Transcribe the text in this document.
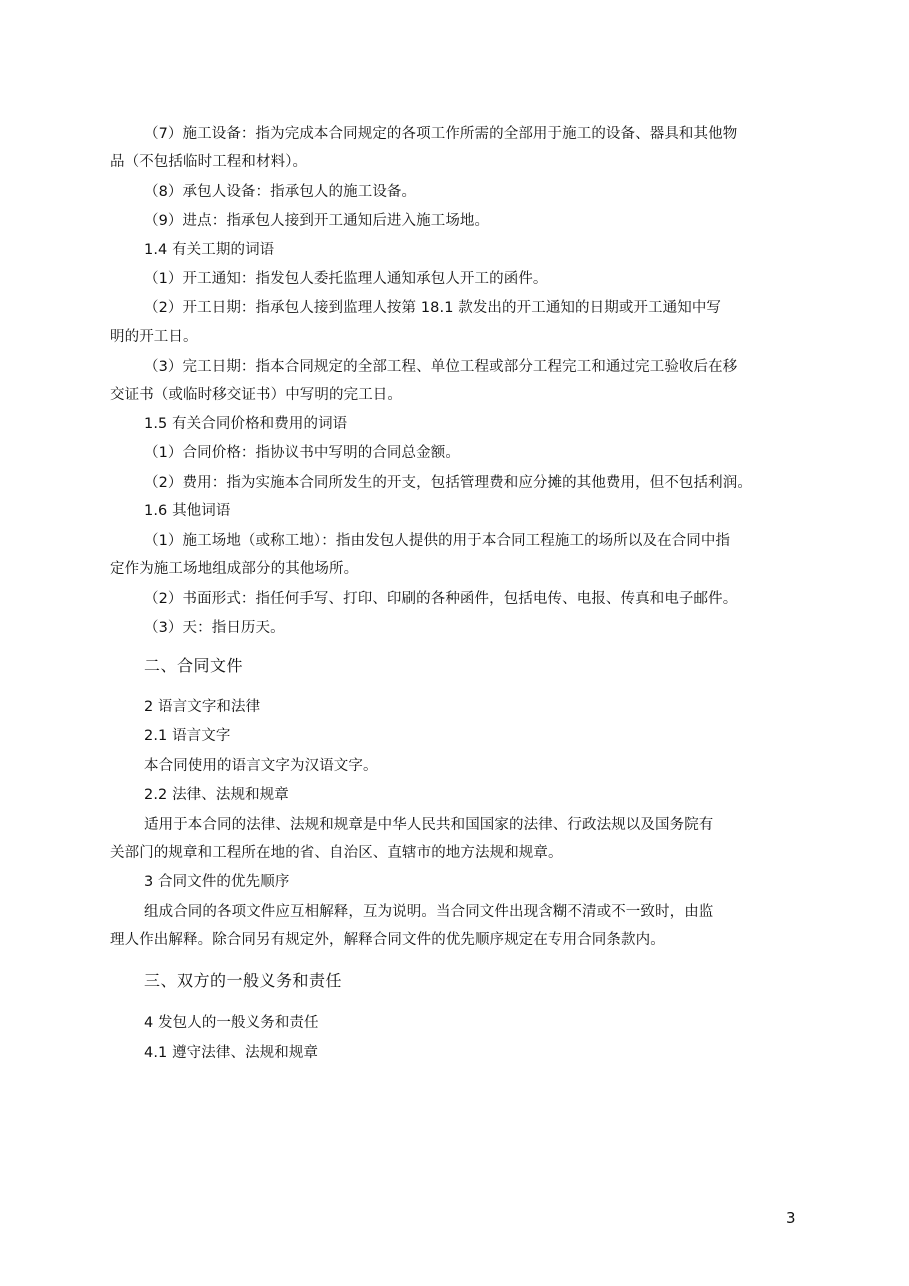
（7）施工设备：指为完成本合同规定的各项工作所需的全部用于施工的设备、器具和其他物
品（不包括临时工程和材料）。
（8）承包人设备：指承包人的施工设备。
（9）进点：指承包人接到开工通知后进入施工场地。
1.4 有关工期的词语
（1）开工通知：指发包人委托监理人通知承包人开工的函件。
（2）开工日期：指承包人接到监理人按第 18.1 款发出的开工通知的日期或开工通知中写
明的开工日。
（3）完工日期：指本合同规定的全部工程、单位工程或部分工程完工和通过完工验收后在移
交证书（或临时移交证书）中写明的完工日。
1.5 有关合同价格和费用的词语
（1）合同价格：指协议书中写明的合同总金额。
（2）费用：指为实施本合同所发生的开支，包括管理费和应分摊的其他费用，但不包括利润。
1.6 其他词语
（1）施工场地（或称工地）：指由发包人提供的用于本合同工程施工的场所以及在合同中指
定作为施工场地组成部分的其他场所。
（2）书面形式：指任何手写、打印、印刷的各种函件，包括电传、电报、传真和电子邮件。
（3）天：指日历天。
二、合同文件
2 语言文字和法律
2.1 语言文字
本合同使用的语言文字为汉语文字。
2.2 法律、法规和规章
适用于本合同的法律、法规和规章是中华人民共和国国家的法律、行政法规以及国务院有
关部门的规章和工程所在地的省、自治区、直辖市的地方法规和规章。
3 合同文件的优先顺序
组成合同的各项文件应互相解释，互为说明。当合同文件出现含糊不清或不一致时，由监
理人作出解释。除合同另有规定外，解释合同文件的优先顺序规定在专用合同条款内。
三、双方的一般义务和责任
4 发包人的一般义务和责任
4.1 遵守法律、法规和规章
3
